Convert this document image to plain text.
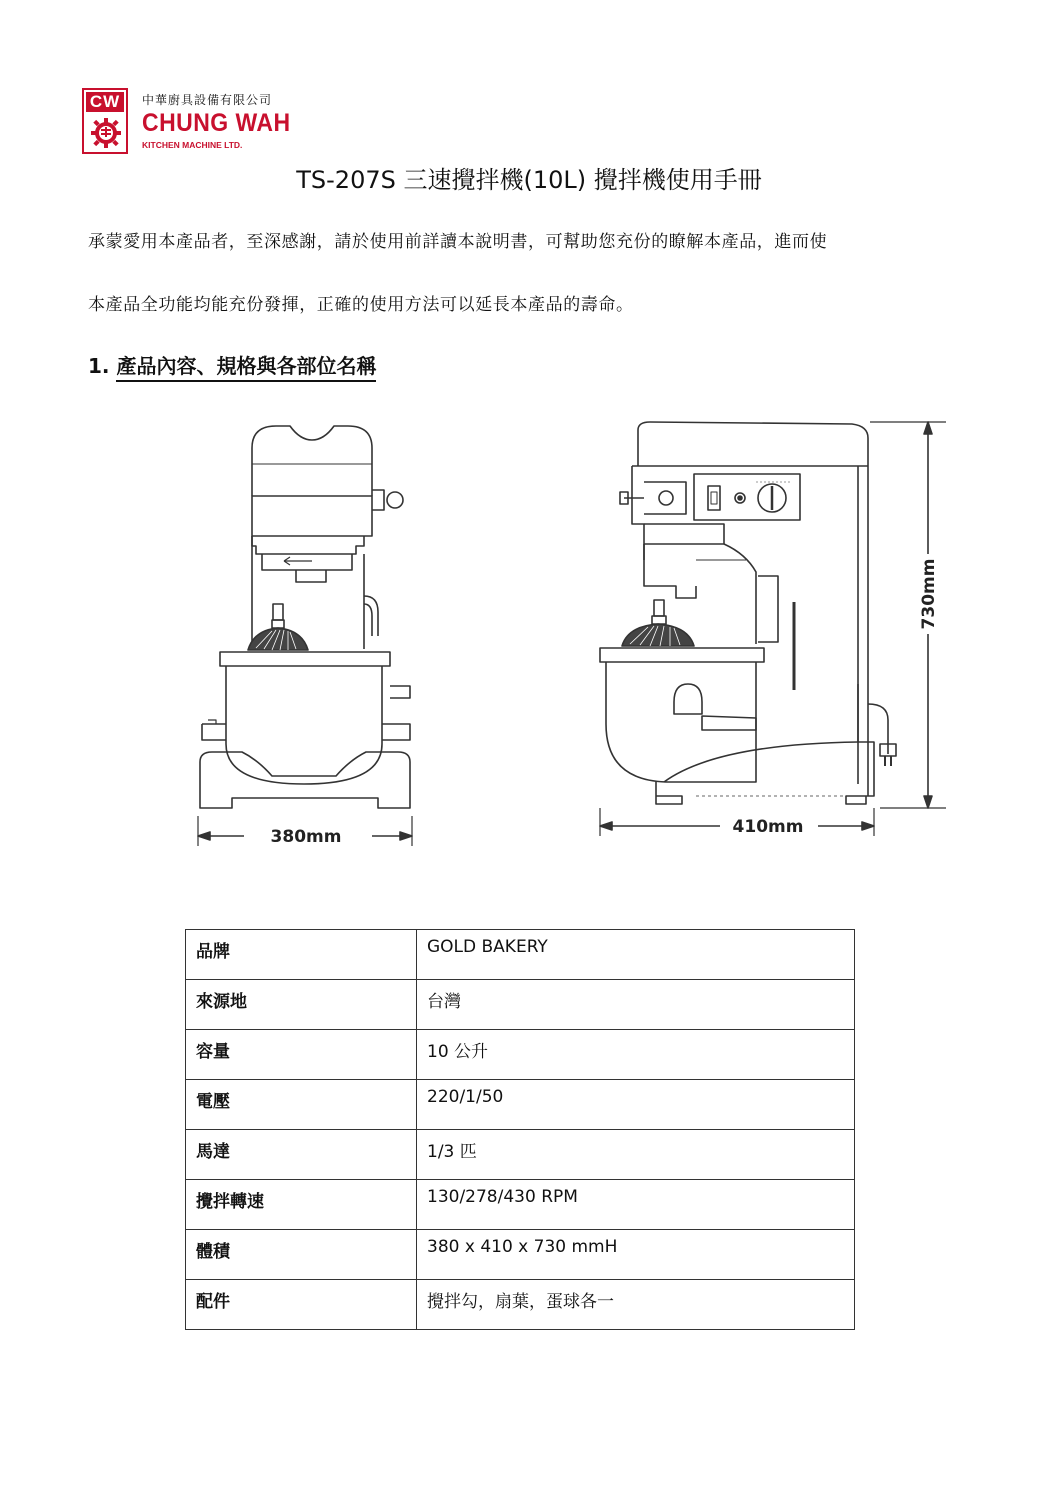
CW	中華廚具設備有限公司
CHUNG WAH
KITCHEN MACHINE LTD.
TS-207S 三速攪拌機(10L) 攪拌機使用手冊
承蒙愛用本產品者，至深感謝，請於使用前詳讀本說明書，可幫助您充份的瞭解本產品，進而使
本產品全功能均能充份發揮，正確的使用方法可以延長本產品的壽命。
1. 產品內容、規格與各部位名稱
380mm	410mm
730mm
品牌	GOLD BAKERY
來源地	台灣
容量	10 公升
電壓	220/1/50
馬達	1/3 匹
攪拌轉速	130/278/430 RPM
體積	380 x 410 x 730 mmH
配件	攪拌勾，扇葉，蛋球各一
